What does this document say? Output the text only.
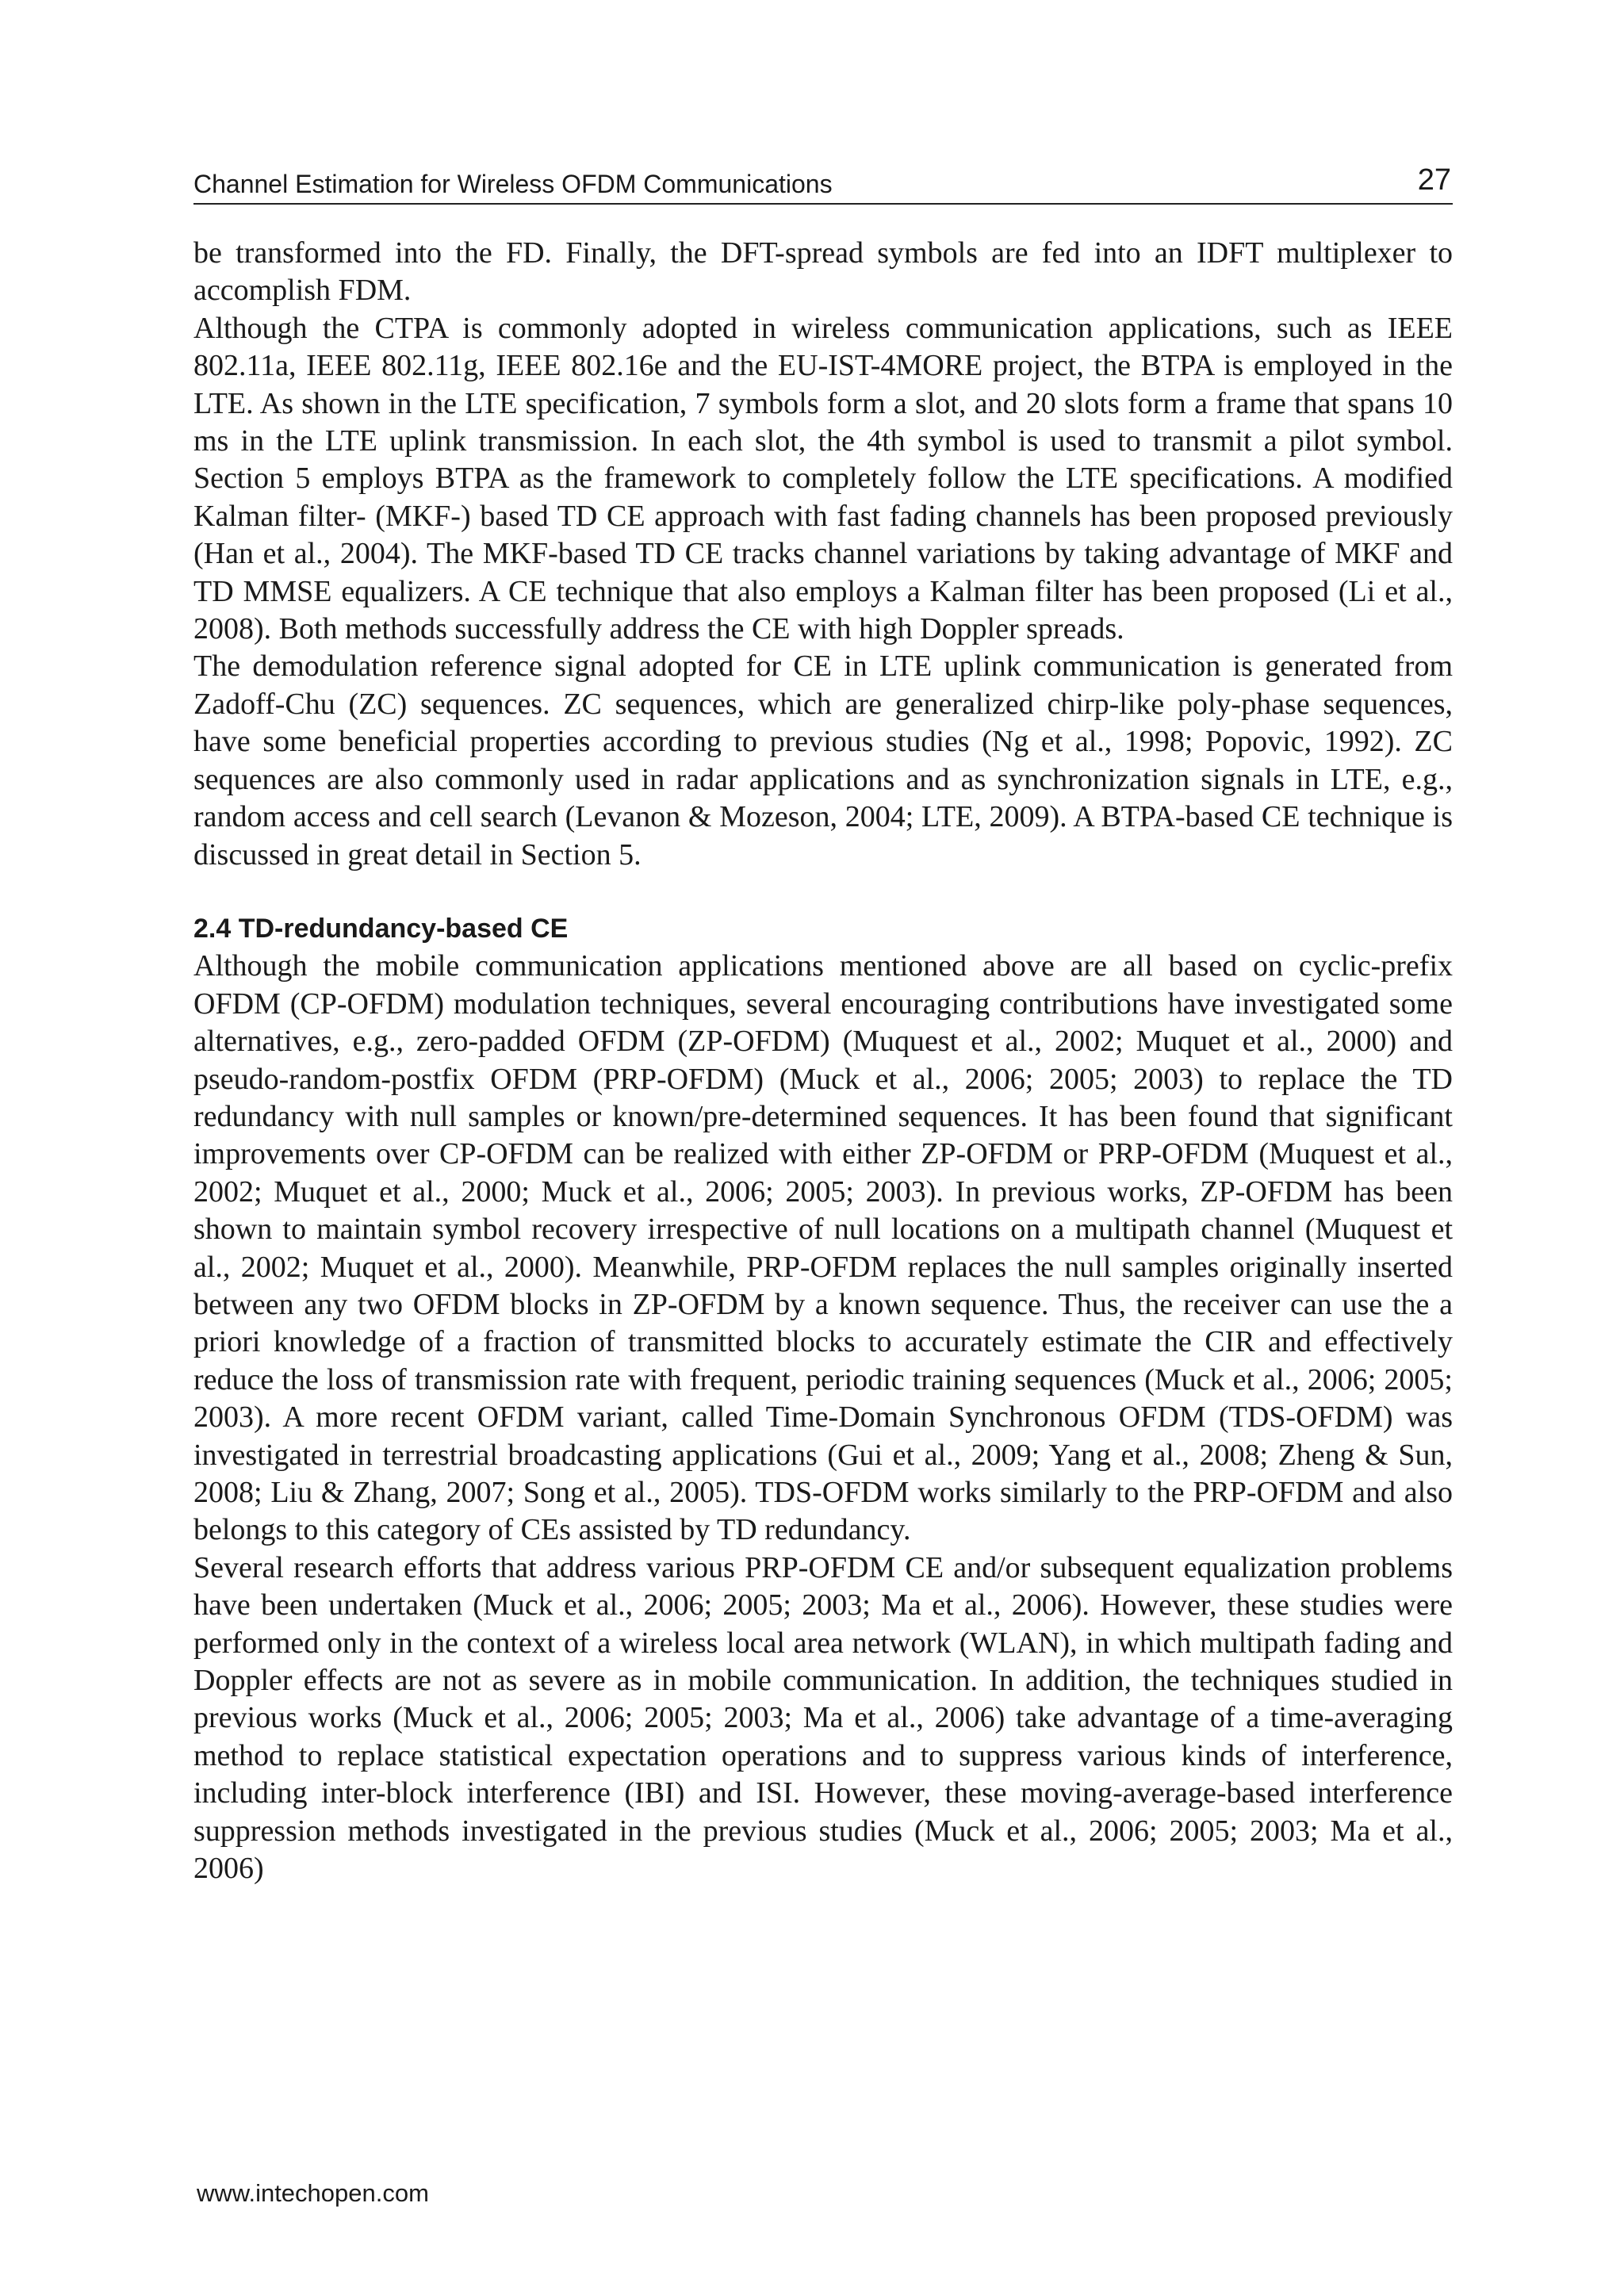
Channel Estimation for Wireless OFDM Communications	27

be transformed into the FD. Finally, the DFT-spread symbols are fed into an IDFT multiplexer to accomplish FDM.

Although the CTPA is commonly adopted in wireless communication applications, such as IEEE 802.11a, IEEE 802.11g, IEEE 802.16e and the EU-IST-4MORE project, the BTPA is employed in the LTE. As shown in the LTE specification, 7 symbols form a slot, and 20 slots form a frame that spans 10 ms in the LTE uplink transmission. In each slot, the 4th symbol is used to transmit a pilot symbol. Section 5 employs BTPA as the framework to completely follow the LTE specifications. A modified Kalman filter- (MKF-) based TD CE approach with fast fading channels has been proposed previously (Han et al., 2004). The MKF-based TD CE tracks channel variations by taking advantage of MKF and TD MMSE equalizers. A CE technique that also employs a Kalman filter has been proposed (Li et al., 2008). Both methods successfully address the CE with high Doppler spreads.

The demodulation reference signal adopted for CE in LTE uplink communication is generated from Zadoff-Chu (ZC) sequences. ZC sequences, which are generalized chirp-like poly-phase sequences, have some beneficial properties according to previous studies (Ng et al., 1998; Popovic, 1992). ZC sequences are also commonly used in radar applications and as synchronization signals in LTE, e.g., random access and cell search (Levanon & Mozeson, 2004; LTE, 2009). A BTPA-based CE technique is discussed in great detail in Section 5.

2.4 TD-redundancy-based CE

Although the mobile communication applications mentioned above are all based on cyclic-prefix OFDM (CP-OFDM) modulation techniques, several encouraging contributions have investigated some alternatives, e.g., zero-padded OFDM (ZP-OFDM) (Muquest et al., 2002; Muquet et al., 2000) and pseudo-random-postfix OFDM (PRP-OFDM) (Muck et al., 2006; 2005; 2003) to replace the TD redundancy with null samples or known/pre-determined sequences. It has been found that significant improvements over CP-OFDM can be realized with either ZP-OFDM or PRP-OFDM (Muquest et al., 2002; Muquet et al., 2000; Muck et al., 2006; 2005; 2003). In previous works, ZP-OFDM has been shown to maintain symbol recovery irrespective of null locations on a multipath channel (Muquest et al., 2002; Muquet et al., 2000). Meanwhile, PRP-OFDM replaces the null samples originally inserted between any two OFDM blocks in ZP-OFDM by a known sequence. Thus, the receiver can use the a priori knowledge of a fraction of transmitted blocks to accurately estimate the CIR and effectively reduce the loss of transmission rate with frequent, periodic training sequences (Muck et al., 2006; 2005; 2003). A more recent OFDM variant, called Time-Domain Synchronous OFDM (TDS-OFDM) was investigated in terrestrial broadcasting applications (Gui et al., 2009; Yang et al., 2008; Zheng & Sun, 2008; Liu & Zhang, 2007; Song et al., 2005). TDS-OFDM works similarly to the PRP-OFDM and also belongs to this category of CEs assisted by TD redundancy.

Several research efforts that address various PRP-OFDM CE and/or subsequent equalization problems have been undertaken (Muck et al., 2006; 2005; 2003; Ma et al., 2006). However, these studies were performed only in the context of a wireless local area network (WLAN), in which multipath fading and Doppler effects are not as severe as in mobile communication. In addition, the techniques studied in previous works (Muck et al., 2006; 2005; 2003; Ma et al., 2006) take advantage of a time-averaging method to replace statistical expectation operations and to suppress various kinds of interference, including inter-block interference (IBI) and ISI. However, these moving-average-based interference suppression methods investigated in the previous studies (Muck et al., 2006; 2005; 2003; Ma et al., 2006)

www.intechopen.com
